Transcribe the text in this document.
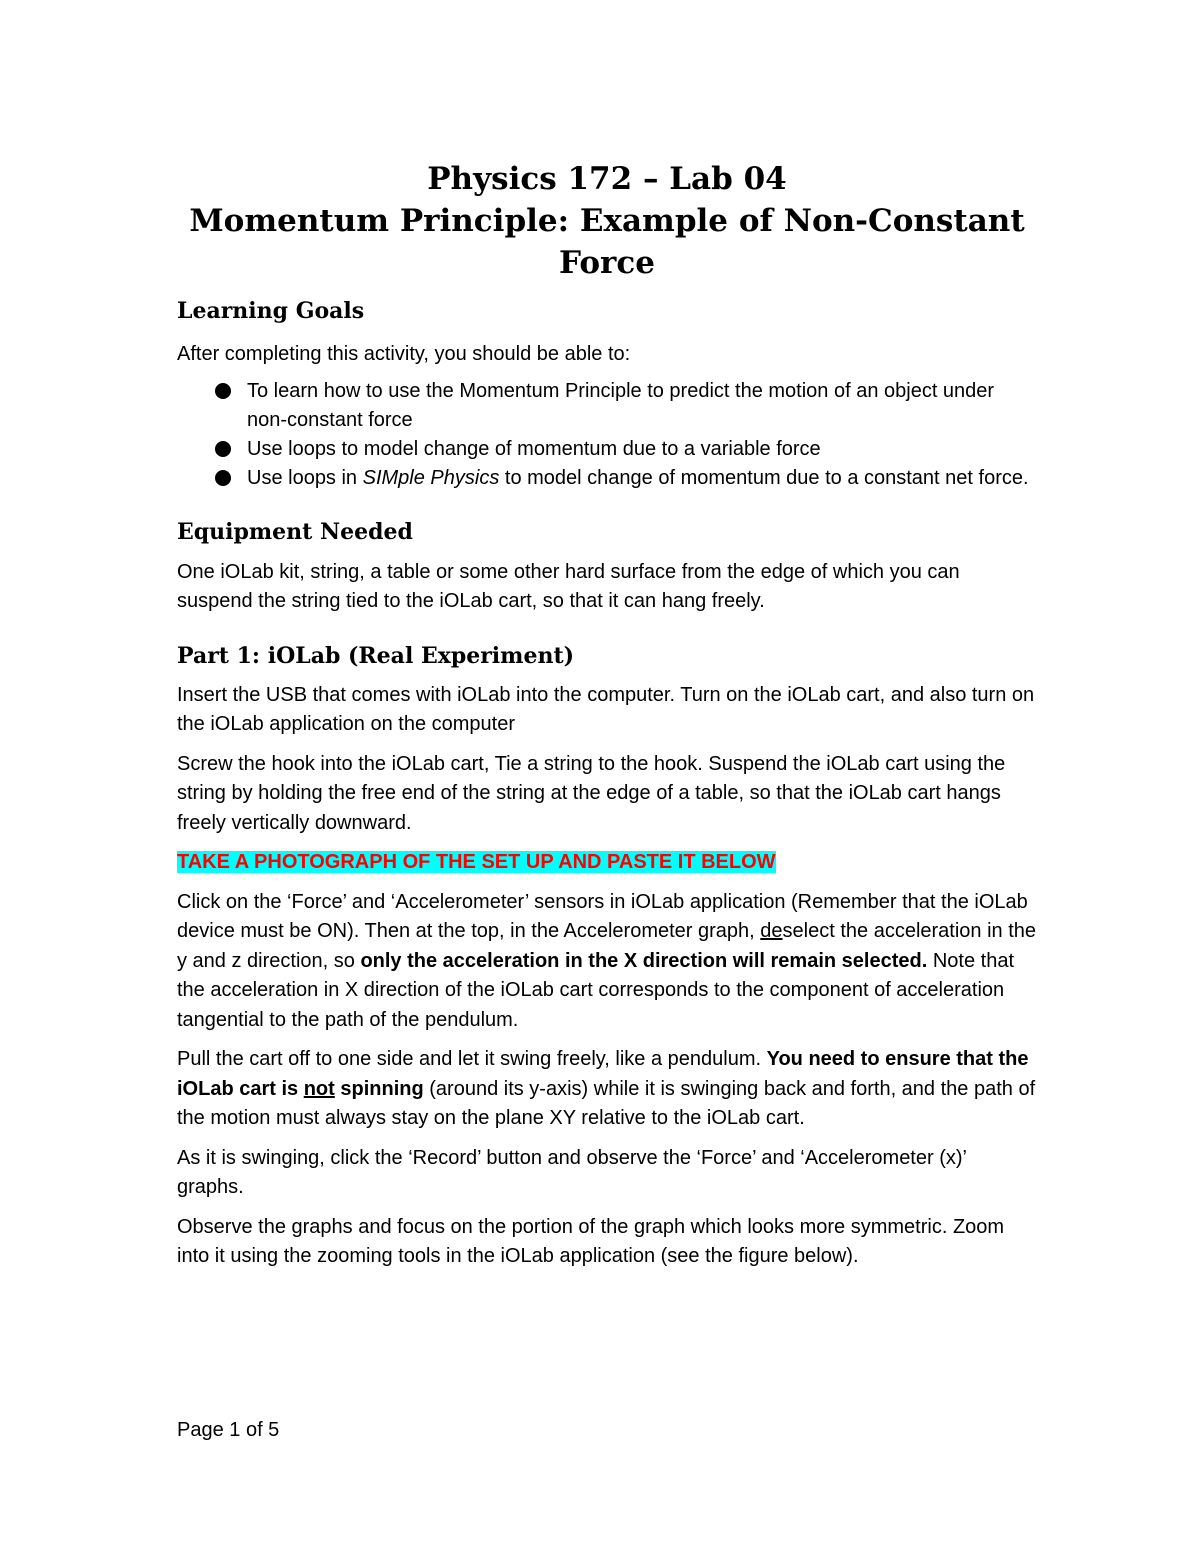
Physics 172 – Lab 04
Momentum Principle: Example of Non-Constant
Force
Learning Goals

After completing this activity, you should be able to:

To learn how to use the Momentum Principle to predict the motion of an object under non-constant force
Use loops to model change of momentum due to a variable force
Use loops in SIMple Physics to model change of momentum due to a constant net force.
Equipment Needed

One iOLab kit, string, a table or some other hard surface from the edge of which you can suspend the string tied to the iOLab cart, so that it can hang freely.

Part 1: iOLab (Real Experiment)

Insert the USB that comes with iOLab into the computer. Turn on the iOLab cart, and also turn on the iOLab application on the computer

Screw the hook into the iOLab cart, Tie a string to the hook. Suspend the iOLab cart using the string by holding the free end of the string at the edge of a table, so that the iOLab cart hangs freely vertically downward.

TAKE A PHOTOGRAPH OF THE SET UP AND PASTE IT BELOW

Click on the ‘Force’ and ‘Accelerometer’ sensors in iOLab application (Remember that the iOLab device must be ON). Then at the top, in the Accelerometer graph, deselect the acceleration in the y and z direction, so only the acceleration in the X direction will remain selected. Note that the acceleration in X direction of the iOLab cart corresponds to the component of acceleration tangential to the path of the pendulum.

Pull the cart off to one side and let it swing freely, like a pendulum. You need to ensure that the iOLab cart is not spinning (around its y-axis) while it is swinging back and forth, and the path of the motion must always stay on the plane XY relative to the iOLab cart.

As it is swinging, click the ‘Record’ button and observe the ‘Force’ and ‘Accelerometer (x)’ graphs.

Observe the graphs and focus on the portion of the graph which looks more symmetric. Zoom into it using the zooming tools in the iOLab application (see the figure below).

Page 1 of 5
